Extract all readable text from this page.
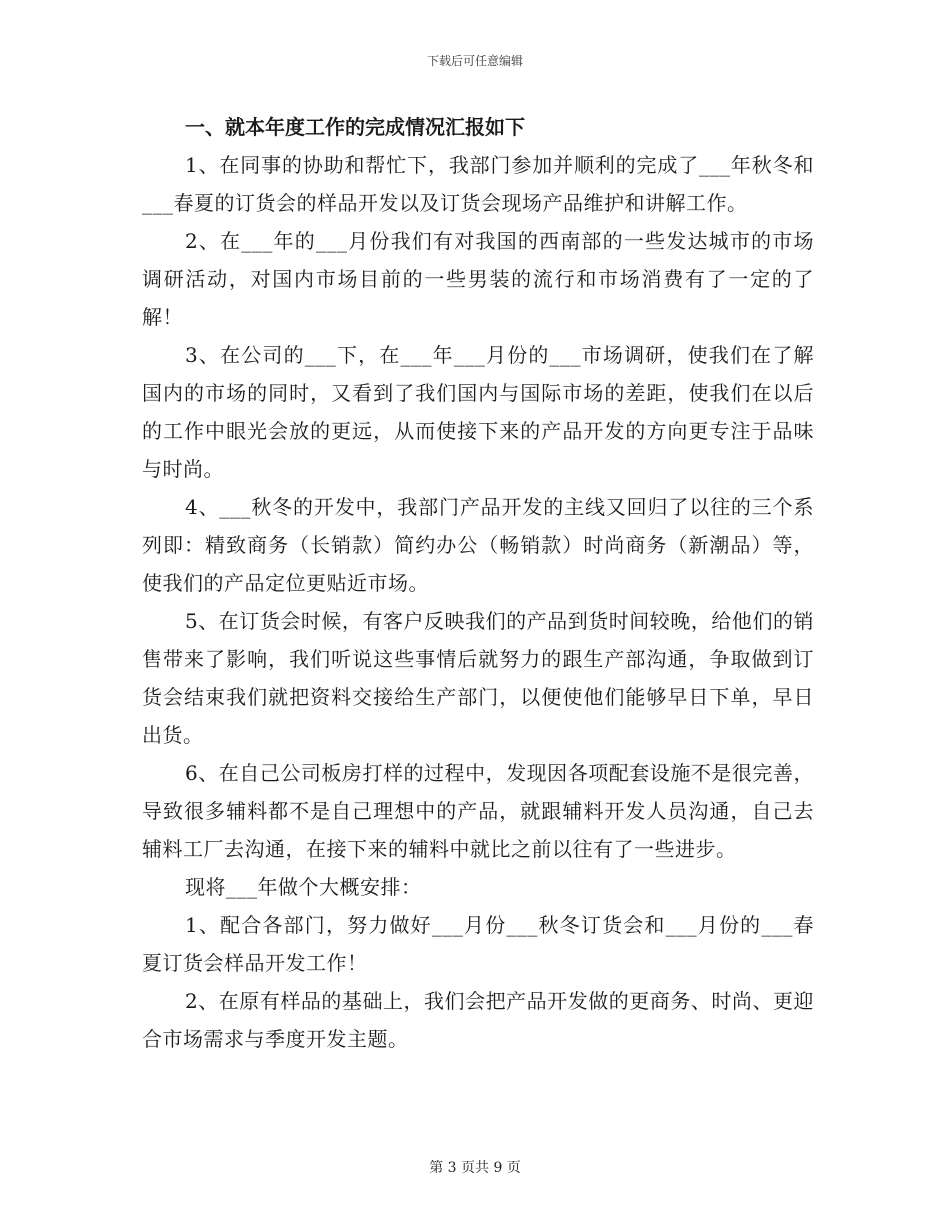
下载后可任意编辑

一、就本年度工作的完成情况汇报如下

1、在同事的协助和帮忙下，我部门参加并顺利的完成了___年秋冬和___春夏的订货会的样品开发以及订货会现场产品维护和讲解工作。

2、在___年的___月份我们有对我国的西南部的一些发达城市的市场调研活动，对国内市场目前的一些男装的流行和市场消费有了一定的了解！

3、在公司的___下，在___年___月份的___市场调研，使我们在了解国内的市场的同时，又看到了我们国内与国际市场的差距，使我们在以后的工作中眼光会放的更远，从而使接下来的产品开发的方向更专注于品味与时尚。

4、___秋冬的开发中，我部门产品开发的主线又回归了以往的三个系列即：精致商务（长销款）简约办公（畅销款）时尚商务（新潮品）等，使我们的产品定位更贴近市场。

5、在订货会时候，有客户反映我们的产品到货时间较晚，给他们的销售带来了影响，我们听说这些事情后就努力的跟生产部沟通，争取做到订货会结束我们就把资料交接给生产部门，以便使他们能够早日下单，早日出货。

6、在自己公司板房打样的过程中，发现因各项配套设施不是很完善，导致很多辅料都不是自己理想中的产品，就跟辅料开发人员沟通，自己去辅料工厂去沟通，在接下来的辅料中就比之前以往有了一些进步。

现将___年做个大概安排：

1、配合各部门，努力做好___月份___秋冬订货会和___月份的___春夏订货会样品开发工作！

2、在原有样品的基础上，我们会把产品开发做的更商务、时尚、更迎合市场需求与季度开发主题。

第 3 页共 9 页
